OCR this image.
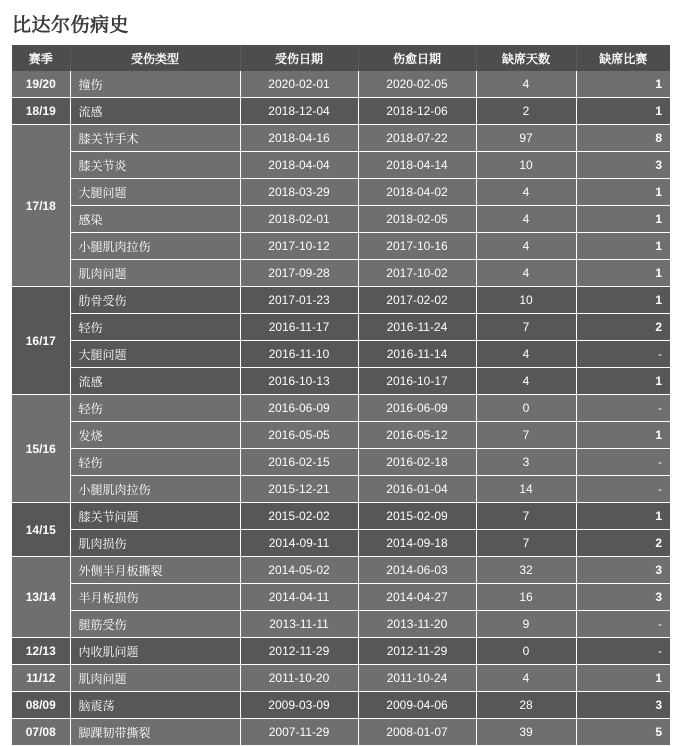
比达尔伤病史
赛季	受伤类型	受伤日期	伤愈日期	缺席天数	缺席比赛
19/20	撞伤	2020-02-01	2020-02-05	4	1
18/19	流感	2018-12-04	2018-12-06	2	1
17/18	膝关节手术	2018-04-16	2018-07-22	97	8
	膝关节炎	2018-04-04	2018-04-14	10	3
	大腿问题	2018-03-29	2018-04-02	4	1
	感染	2018-02-01	2018-02-05	4	1
	小腿肌肉拉伤	2017-10-12	2017-10-16	4	1
	肌肉问题	2017-09-28	2017-10-02	4	1
16/17	肋骨受伤	2017-01-23	2017-02-02	10	1
	轻伤	2016-11-17	2016-11-24	7	2
	大腿问题	2016-11-10	2016-11-14	4	-
	流感	2016-10-13	2016-10-17	4	1
15/16	轻伤	2016-06-09	2016-06-09	0	-
	发烧	2016-05-05	2016-05-12	7	1
	轻伤	2016-02-15	2016-02-18	3	-
	小腿肌肉拉伤	2015-12-21	2016-01-04	14	-
14/15	膝关节问题	2015-02-02	2015-02-09	7	1
	肌肉损伤	2014-09-11	2014-09-18	7	2
13/14	外侧半月板撕裂	2014-05-02	2014-06-03	32	3
	半月板损伤	2014-04-11	2014-04-27	16	3
	腿筋受伤	2013-11-11	2013-11-20	9	-
12/13	内收肌问题	2012-11-29	2012-11-29	0	-
11/12	肌肉问题	2011-10-20	2011-10-24	4	1
08/09	脑震荡	2009-03-09	2009-04-06	28	3
07/08	脚踝韧带撕裂	2007-11-29	2008-01-07	39	5
